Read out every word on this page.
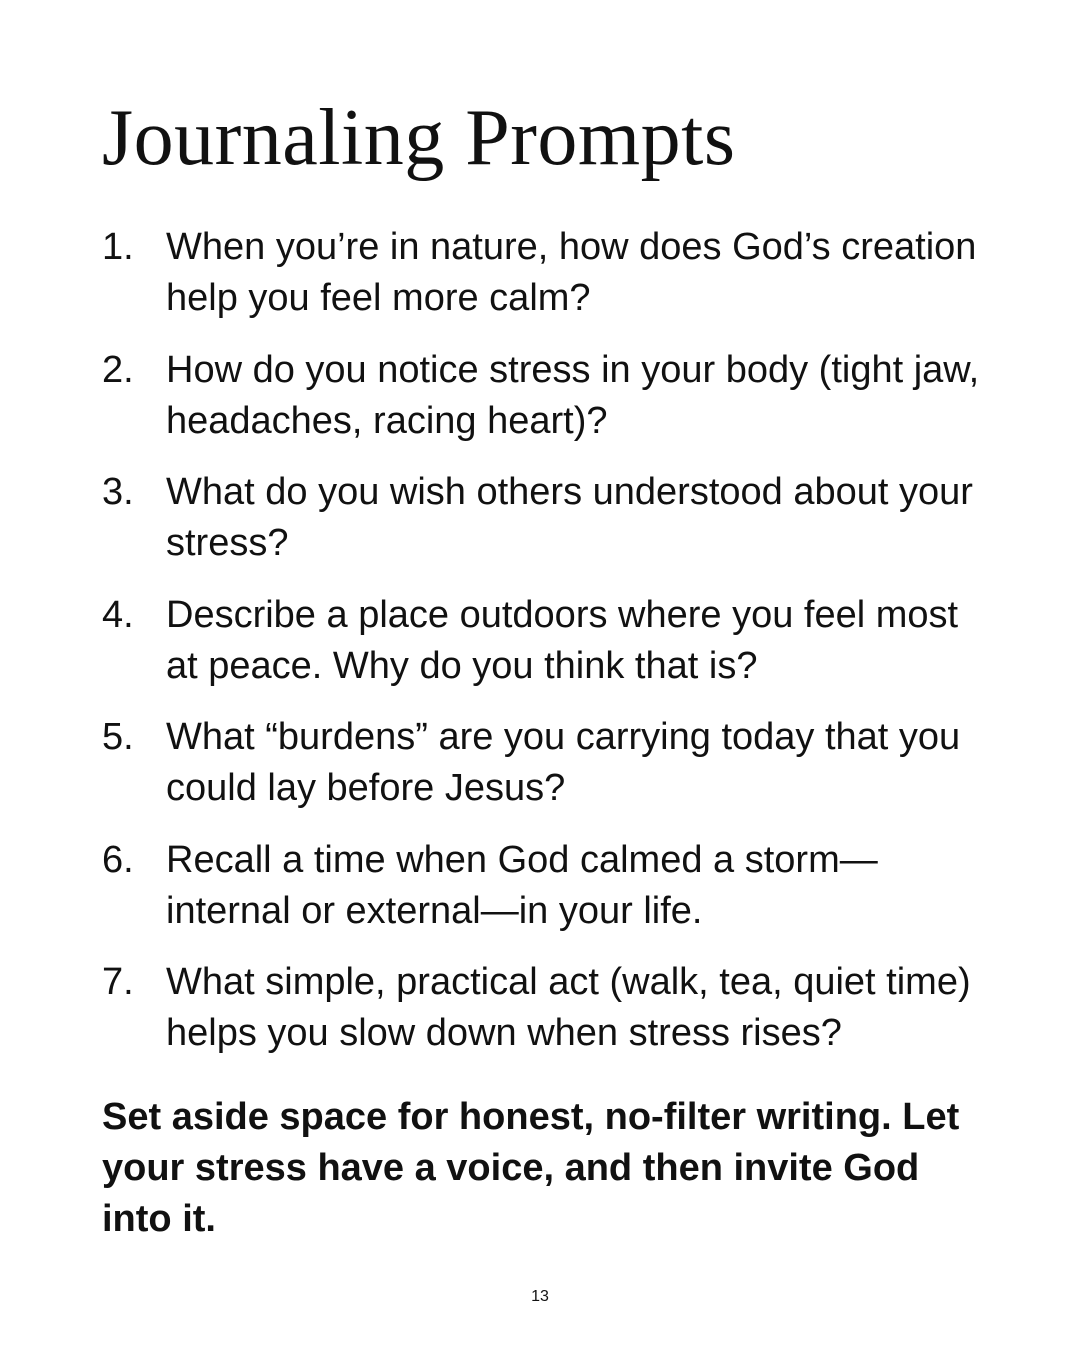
Journaling Prompts
1. When you’re in nature, how does God’s creation help you feel more calm?
2. How do you notice stress in your body (tight jaw, headaches, racing heart)?
3. What do you wish others understood about your stress?
4. Describe a place outdoors where you feel most at peace. Why do you think that is?
5. What “burdens” are you carrying today that you could lay before Jesus?
6. Recall a time when God calmed a storm—internal or external—in your life.
7. What simple, practical act (walk, tea, quiet time) helps you slow down when stress rises?

Set aside space for honest, no-filter writing. Let your stress have a voice, and then invite God into it.

13
